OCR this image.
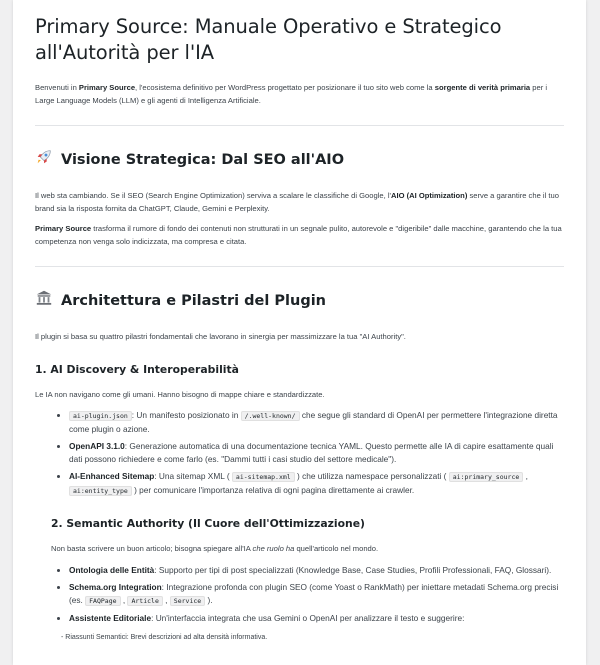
Primary Source: Manuale Operativo e Strategico all'Autorità per l'IA

Benvenuti in Primary Source, l'ecosistema definitivo per WordPress progettato per posizionare il tuo sito web come la sorgente di verità primaria per i Large Language Models (LLM) e gli agenti di Intelligenza Artificiale.

Visione Strategica: Dal SEO all'AIO

Il web sta cambiando. Se il SEO (Search Engine Optimization) serviva a scalare le classifiche di Google, l'AIO (AI Optimization) serve a garantire che il tuo brand sia la risposta fornita da ChatGPT, Claude, Gemini e Perplexity.

Primary Source trasforma il rumore di fondo dei contenuti non strutturati in un segnale pulito, autorevole e "digeribile" dalle macchine, garantendo che la tua competenza non venga solo indicizzata, ma compresa e citata.

Architettura e Pilastri del Plugin

Il plugin si basa su quattro pilastri fondamentali che lavorano in sinergia per massimizzare la tua "AI Authority".

1. AI Discovery & Interoperabilità

Le IA non navigano come gli umani. Hanno bisogno di mappe chiare e standardizzate.

• ai-plugin.json : Un manifesto posizionato in /.well-known/ che segue gli standard di OpenAI per permettere l'integrazione diretta come plugin o azione.
• OpenAPI 3.1.0: Generazione automatica di una documentazione tecnica YAML. Questo permette alle IA di capire esattamente quali dati possono richiedere e come farlo (es. "Dammi tutti i casi studio del settore medicale").
• AI-Enhanced Sitemap: Una sitemap XML ( ai-sitemap.xml ) che utilizza namespace personalizzati ( ai:primary_source , ai:entity_type ) per comunicare l'importanza relativa di ogni pagina direttamente ai crawler.
2. Semantic Authority (Il Cuore dell'Ottimizzazione)

Non basta scrivere un buon articolo; bisogna spiegare all'IA che ruolo ha quell'articolo nel mondo.

• Ontologia delle Entità: Supporto per tipi di post specializzati (Knowledge Base, Case Studies, Profili Professionali, FAQ, Glossari).
• Schema.org Integration: Integrazione profonda con plugin SEO (come Yoast o RankMath) per iniettare metadati Schema.org precisi (es. FAQPage , Article , Service ).
• Assistente Editoriale: Un'interfaccia integrata che usa Gemini o OpenAI per analizzare il testo e suggerire:
- Riassunti Semantici: Brevi descrizioni ad alta densità informativa.
